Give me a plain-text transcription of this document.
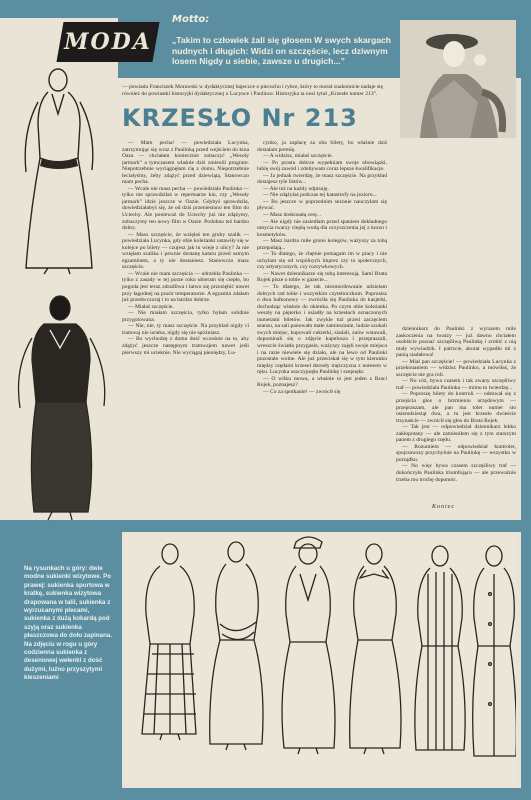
MODA
Motto:
„Takim to człowiek żali się głosem W swych skargach nudnych i długich: Widzi on szczęście, lecz dziwnym losem Nigdy u siebie, zawsze u drugich...”
— powiada Franciszek Morawski w dydaktycznej bajeczce o piecuchu i rybce, który to morał znakomicie nadaje się również do powiastki historyjki dydaktycznej o Lucynce i Paulince. Historyjka ta nosi tytuł „Krzesło numer 213”.
KRZESŁO Nr 213

— Mam pecha! — powiedziała Lucynka, zatrzymując się wraz z Paulinką przed wejściem do kina Oaza — chciałam koniecznie zobaczyć „Wesoły jarmark” a tymczasem właśnie dziś zmienili program. Niepotrzebnie wyciągnęłam cię z domu. Niepotrzebnie leciałyśmy, żeby zdążyć przed dziewiątą. Stanowczo mam pecha.

— Wcale nie masz pecha — powiedziała Paulinka — tylko nie sprawdziłaś w repertuarze kin, czy „Wesoły jarmark” idzie jeszcze w Oazie. Gdybyś sprawdziła, dowiedziałabyś się, że od dziś przeniesiono ten film do Uciechy. Ale ponieważ do Uciechy już nie zdążymy, zobaczymy ten nowy film w Oazie. Podobno też bardzo dobry.

— Masz szczęście, że wzięłaś ten gruby szalik — powiedziała Lucynka, gdy obie koleżanki ustawiły się w kolejce po bilety — czujesz jak tu wieje z ulicy? Ja nie wzięłam szalika i pewnie dostanę kataru przed samym egzaminem, a ty nie dostaniesz. Stanowczo masz szczęście.

— Wcale nie mam szczęścia — odrzekła Paulinka — tylko z zasady w tej porze roku ubieram się ciepło, bo pogoda jest teraz zdradliwa i łatwo się przeziębić nawet przy łagodnej na pozór temperaturze. A egzamin zdałam już przedwczoraj i to na bardzo dobrze.

— Miałaś szczęście.

— Nie miałam szczęścia, tylko byłam solidnie przygotowana.

— Nie, nie, ty masz szczęście. Na przykład nigdy ci tramwaj nie ucieka, nigdy się nie spóźniasz.

— Bo wychodzę z domu dość wcześnie na to, aby zdążyć jeszcze następnym tramwajem nawet jeśli pierwszy mi ucieknie. Nie wyciągaj pieniędzy, Lu-

cynko, ja zapłacę za oba bilety, bo właśnie dziś dostałam premię.

— A widzisz, miałaś szczęście.

— Po prostu dobrze wypełniam swoje obowiązki, lubię swój zawód i zdobywam coraz lepsze kwalifikacje.

— Ja jednak twierdzę, że masz szczęście. Na przykład dostajesz tyle listów...

— Ale też na każdy odpisuję.

— Nie zdążyłaś podczas tej katastrofy na jezioro...

— Bo jeszcze w poprzednim sezonie nauczyłam się pływać.

— Masz doskonałą cerę...

— Ale nigdy nie zasiedlam przed spaniem dokładnego umycia twarzy ciepłą wodą dla oczyszczenia jej z kurzu i kosmetyków.

— Masz bardzo miłe grono kolegów, ważyszy za tobą przepadają...

— To dlatego, że chętnie pomagam im w pracy i nie uchylam się od wspólnych imprez czy to społecznych, czy artystycznych, czy rozrywkowych.

— Nawet dziennikarze się tobą interesują. Sami Brata Rojek pisze o tobie w gazecie...

— To dlatego, że tak niezmordowanie udzielam dobrych rad tobie i wszystkim czytelniczkom. Poprosisz o dwa balkonowy — zwróciła się Paulinka do kasjerki, dochodząc właśnie do okienka. Po czym obie koleżanki weszły na pięterko i usiadły na krzesłach oznaczonych numerami biletów. Jak zwykle tuż przed zaczęciem seansu, na sali panowało małe zamieszanie, ludzie szukali swych miejsc, kupowali cukierki, siadali, znów wstawali, dopominali się o zdjęcie kapelusza i przepraszali, wreszcie światło przygasło, ważyszy zajęli swoje miejsca i na razie niewiele się działo, ale na lewo od Paulinki pozostało wolne. Ale już przeciskał się w tym kierunku między rzędami krzesel dorosły mężczyzna z notesem w ręku. Lucynka uszczypnęła Paulinkę i szepnęła:

— O wilku mowa, a właśnie to jest jeden z Braci Rojek, poznajesz?

— Co za spotkanie! — zwrócił się

dziennikarz do Paulinki z wyrazem mile zaskoczenia na twarzy — już dawno chciałem osobiście poznać szczęśliwą Paulinkę i zrobić z nią mały wywiadzik. I patrzcie, akurat wypadło mi z panią siadałowa!

— Miał pan szczęście! — powiedziała Lucynka z przekonaniem — widzisz Paulinko, a mówiłaś, że szczęście nie gra roli.

— No cóż, bywa czasem i tak zwany szczęśliwy traf — powiedziała Paulinka — mimo to twierdzę...

— Poproszę bilety do kontroli — odezwał się z przejścia głos o brzmieniu urzędowym — przepraszam, ale pan ma tolet numer sto osiemdziesiąt dwa, a tu jest krzesło dwieście trzynaście — zwrócił się głos do Brata Rojek.

— Tak jest — odpowiedział dziennikarz lekko zakłopotany — ale zamieniłem się z tym starszym panem z drugiego rzędu.

— Rozumiem — odpowiedział kontroler, spojrzawszy przychylnie na Paulinkę — wszystko w porządku.

— No więc bywa czasem szczęśliwy traf — dokończyła Paulinka triumfująco — ale przeważnie trzeba mu trochę dopomóc.

Koniec
Na rysunkach u góry: dwie modne sukienki wizytowe. Po prawej: sukienka sportowa w kratkę, sukienka wizytowa drapowana w talii, sukienka z wyrzucanymi plecami, sukienka z dużą kokardą pod szyją oraz sukienka płaszczowa do dołu zapinana. Na zdjęciu w rogu u góry codzienna sukienka z deseniowej wełenki z dość dużymi, luźno przyszytymi kieszeniami
